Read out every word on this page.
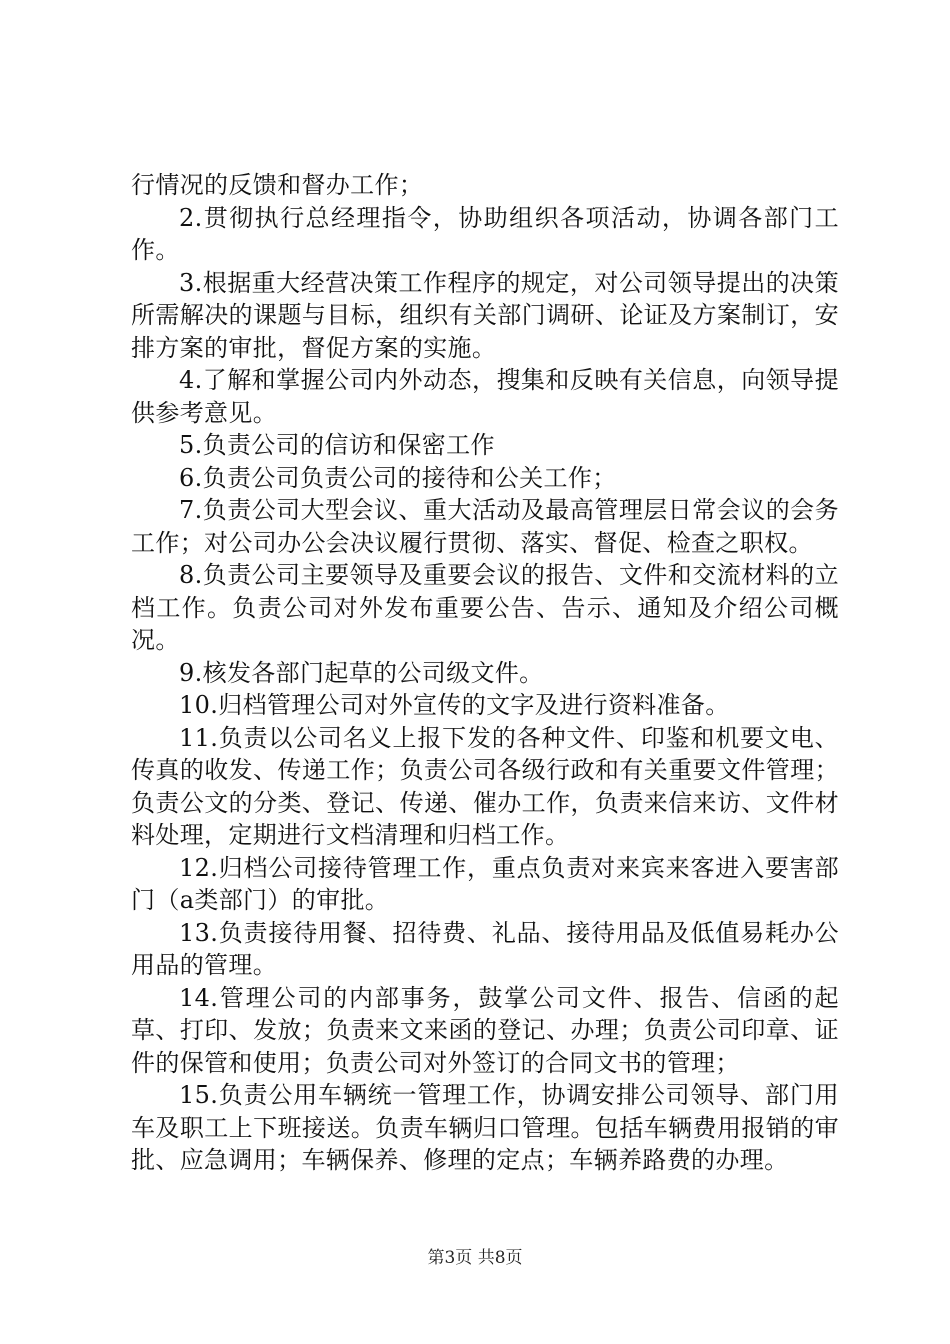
行情况的反馈和督办工作；

2.贯彻执行总经理指令，协助组织各项活动，协调各部门工作。

3.根据重大经营决策工作程序的规定，对公司领导提出的决策所需解决的课题与目标，组织有关部门调研、论证及方案制订，安排方案的审批，督促方案的实施。

4.了解和掌握公司内外动态，搜集和反映有关信息，向领导提供参考意见。

5.负责公司的信访和保密工作

6.负责公司负责公司的接待和公关工作；

7.负责公司大型会议、重大活动及最高管理层日常会议的会务工作；对公司办公会决议履行贯彻、落实、督促、检查之职权。

8.负责公司主要领导及重要会议的报告、文件和交流材料的立档工作。负责公司对外发布重要公告、告示、通知及介绍公司概况。

9.核发各部门起草的公司级文件。

10.归档管理公司对外宣传的文字及进行资料准备。

11.负责以公司名义上报下发的各种文件、印鉴和机要文电、传真的收发、传递工作；负责公司各级行政和有关重要文件管理；负责公文的分类、登记、传递、催办工作，负责来信来访、文件材料处理，定期进行文档清理和归档工作。

12.归档公司接待管理工作，重点负责对来宾来客进入要害部门（a类部门）的审批。

13.负责接待用餐、招待费、礼品、接待用品及低值易耗办公用品的管理。

14.管理公司的内部事务，鼓掌公司文件、报告、信函的起草、打印、发放；负责来文来函的登记、办理；负责公司印章、证件的保管和使用；负责公司对外签订的合同文书的管理；

15.负责公用车辆统一管理工作，协调安排公司领导、部门用车及职工上下班接送。负责车辆归口管理。包括车辆费用报销的审批、应急调用；车辆保养、修理的定点；车辆养路费的办理。

第3页 共8页
